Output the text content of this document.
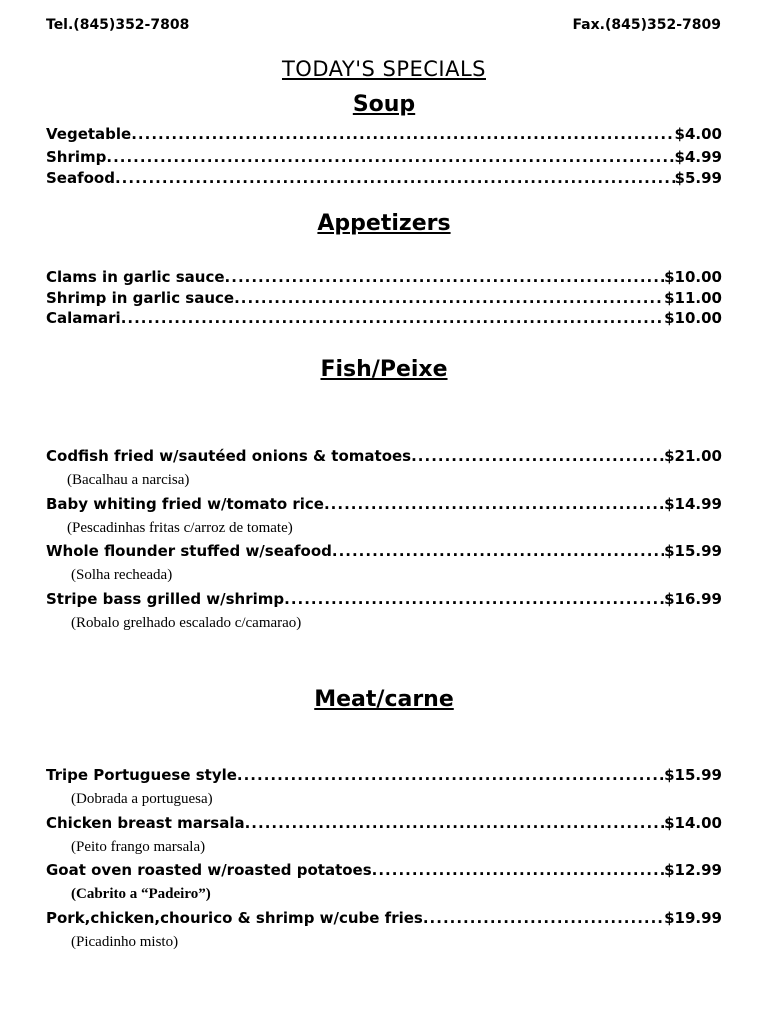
Tel.(845)352-7808	Fax.(845)352-7809
TODAY'S SPECIALS
Soup
Vegetable .....	$4.00
Shrimp .....	$4.99
Seafood .....	$5.99
Appetizers
Clams in garlic sauce .....	$10.00
Shrimp in garlic sauce .....	$11.00
Calamari .....	$10.00
Fish/Peixe
Codfish fried w/sautéed onions & tomatoes .....	$21.00
(Bacalhau a narcisa)
Baby whiting fried w/tomato rice .....	$14.99
(Pescadinhas fritas c/arroz de tomate)
Whole flounder stuffed w/seafood .....	$15.99
(Solha recheada)
Stripe bass grilled w/shrimp .....	$16.99
(Robalo grelhado escalado c/camarao)
Meat/carne
Tripe Portuguese style .....	$15.99
(Dobrada a portuguesa)
Chicken breast marsala .....	$14.00
(Peito frango marsala)
Goat oven roasted w/roasted potatoes .....	$12.99
(Cabrito a “Padeiro”)
Pork,chicken,chourico & shrimp w/cube fries .....	$19.99
(Picadinho misto)
